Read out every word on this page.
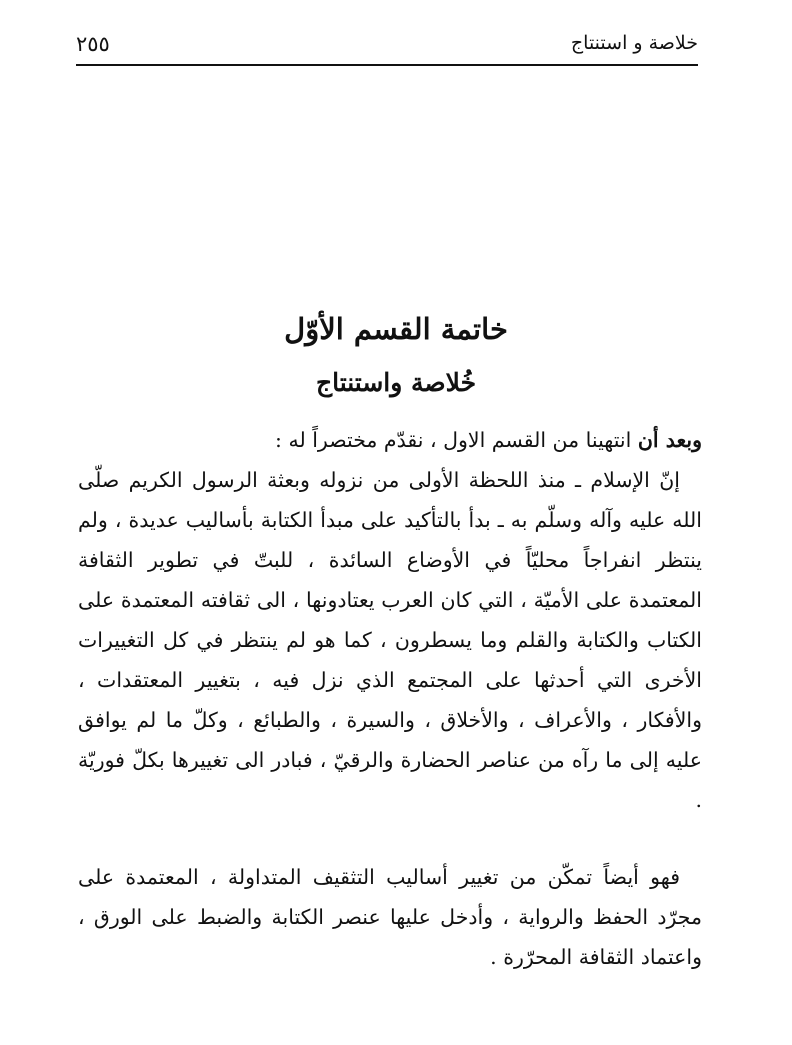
خلاصة و استنتاج
٢٥٥
خاتمة القسم الأوّل
خُلاصة واستنتاج
وبعد أن انتهينا من القسم الاول ، نقدّم مختصراً له :

إنّ الإسلام ـ منذ اللحظة الأولى من نزوله وبعثة الرسول الكريم صلّى الله عليه وآله وسلّم به ـ بدأ بالتأكيد على مبدأ الكتابة بأساليب عديدة ، ولم ينتظر انفراجاً محليّاً في الأوضاع السائدة ، للبتّ في تطوير الثقافة المعتمدة على الأميّة ، التي كان العرب يعتادونها ، الى ثقافته المعتمدة على الكتاب والكتابة والقلم وما يسطرون ، كما هو لم ينتظر في كل التغييرات الأخرى التي أحدثها على المجتمع الذي نزل فيه ، بتغيير المعتقدات ، والأفكار ، والأعراف ، والأخلاق ، والسيرة ، والطبائع ، وكلّ ما لم يوافق عليه إلى ما رآه من عناصر الحضارة والرقيّ ، فبادر الى تغييرها بكلّ فوريّة .

فهو أيضاً تمكّن من تغيير أساليب التثقيف المتداولة ، المعتمدة على مجرّد الحفظ والرواية ، وأدخل عليها عنصر الكتابة والضبط على الورق ، واعتماد الثقافة المحرّرة .
